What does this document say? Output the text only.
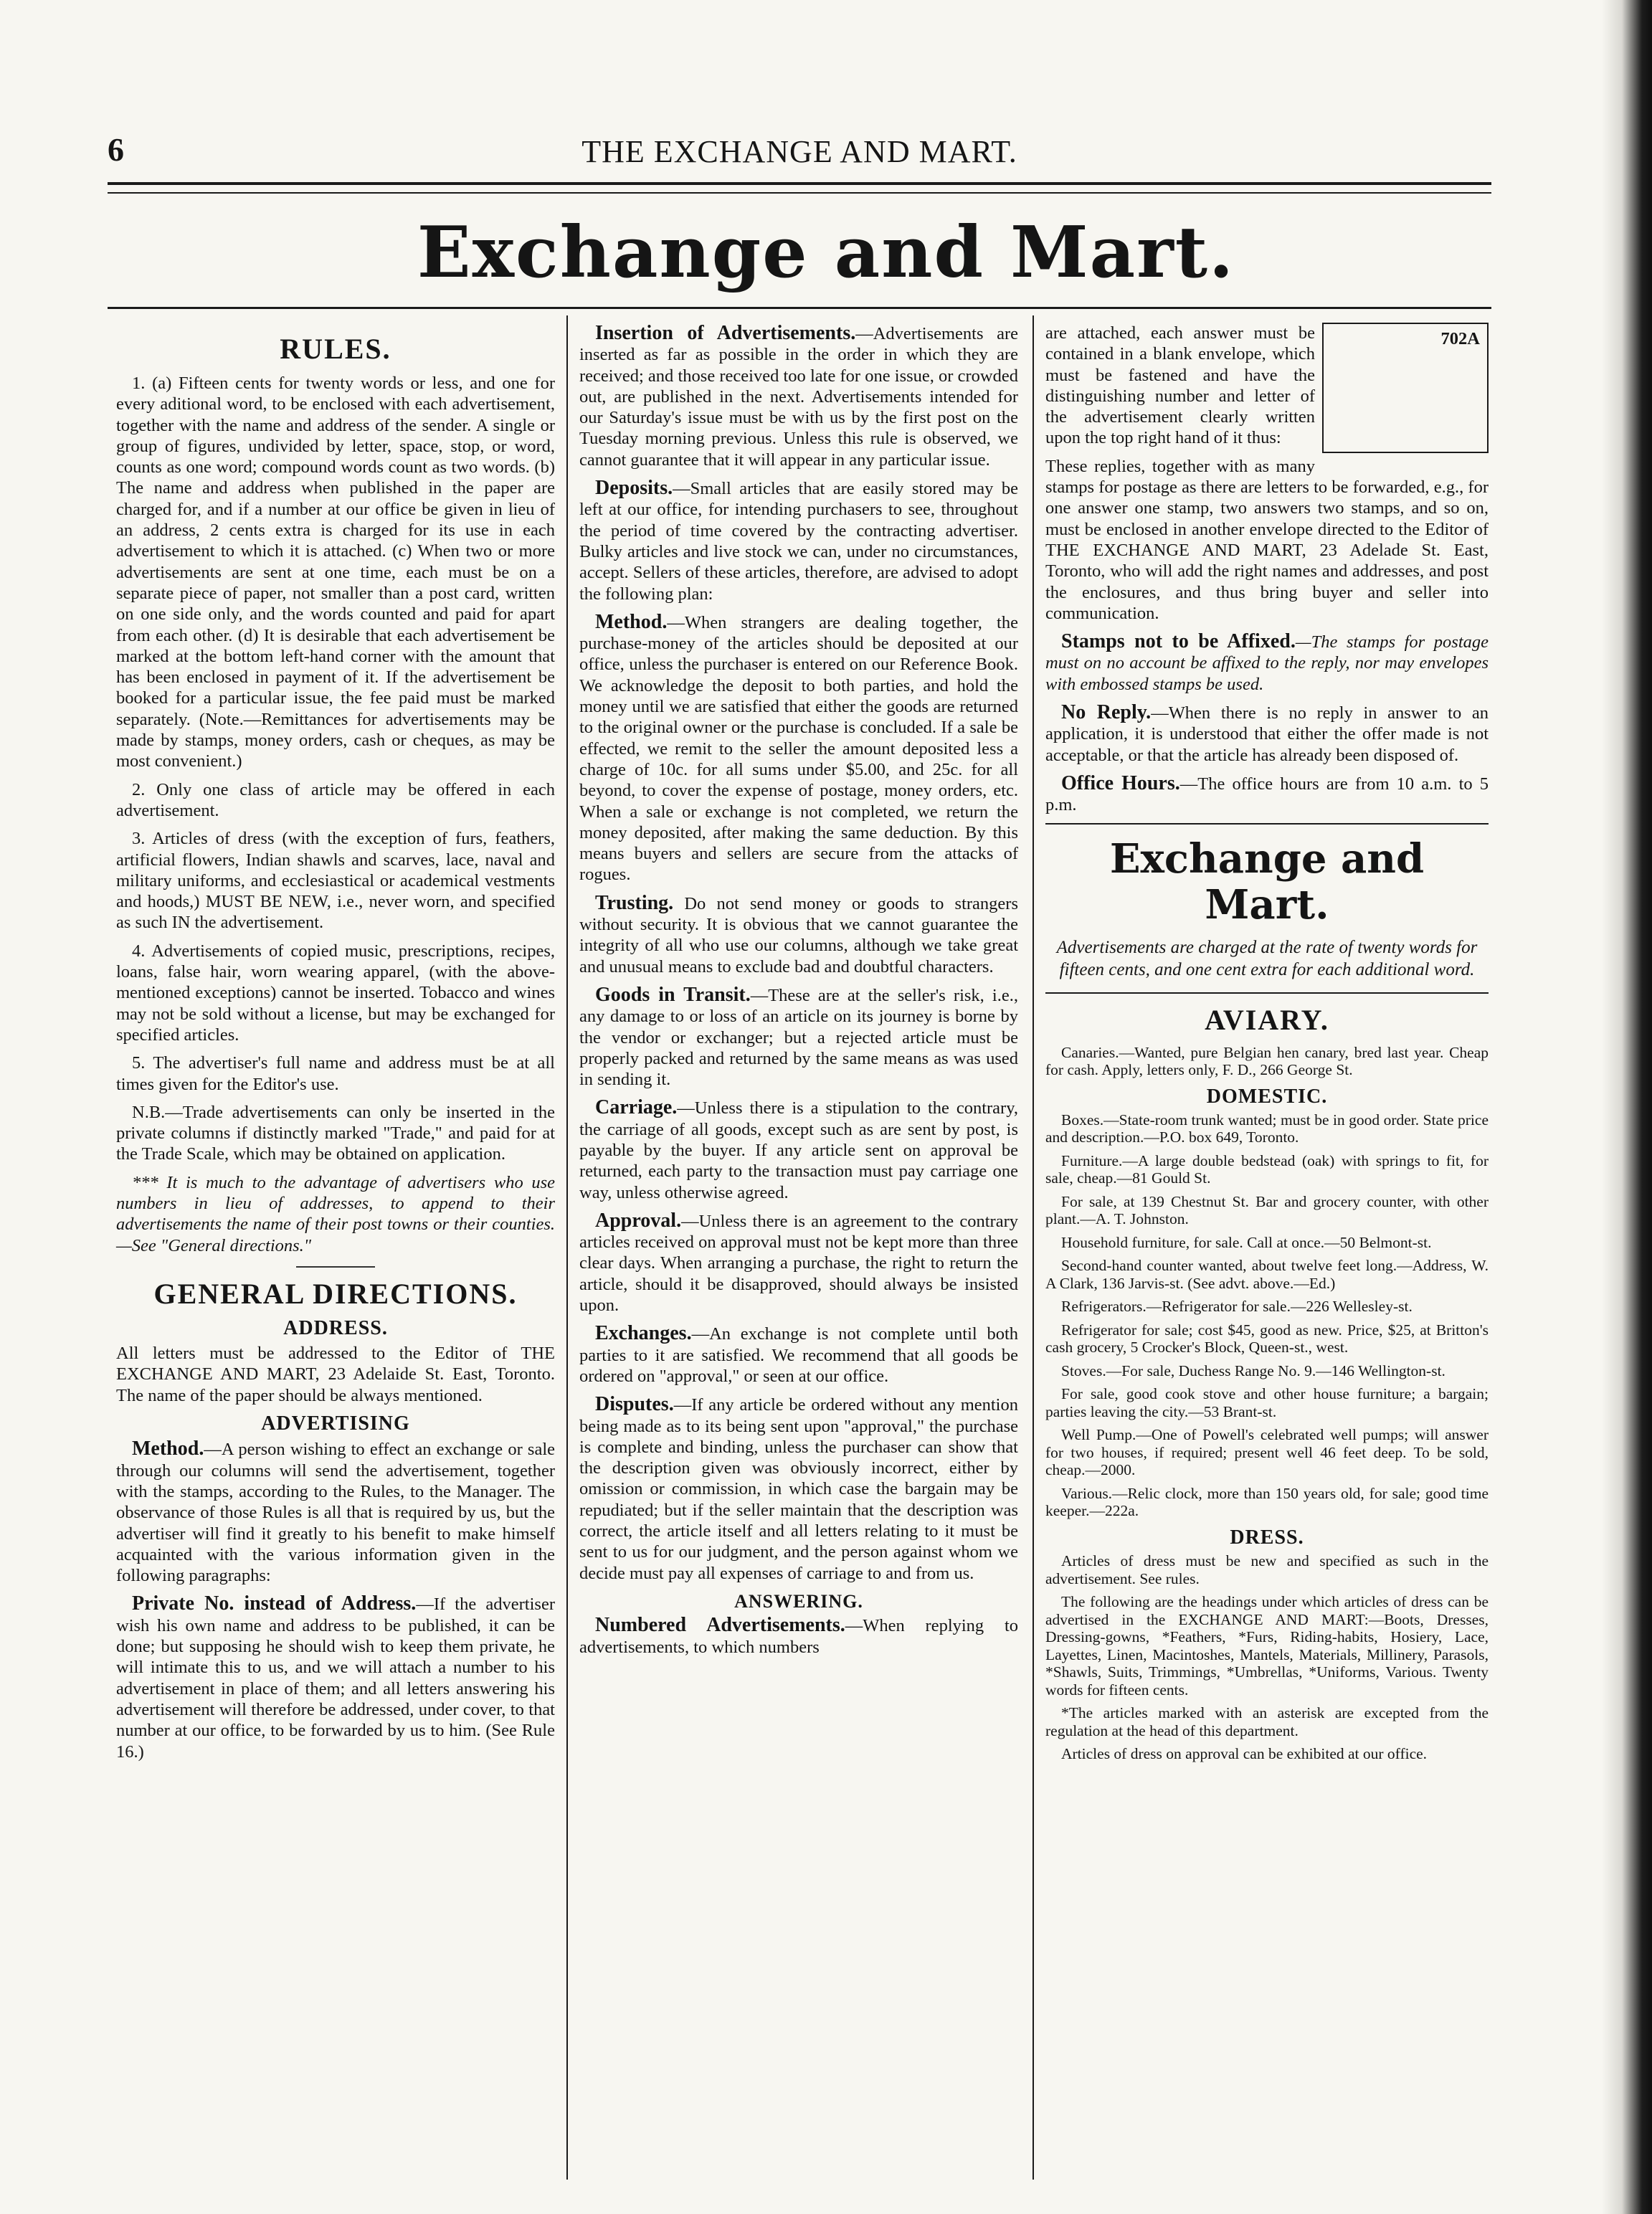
6	THE EXCHANGE AND MART.
Exchange and Mart.
RULES.

1. (a) Fifteen cents for twenty words or less, and one for every aditional word, to be enclosed with each advertisement, together with the name and address of the sender. A single or group of figures, undivided by letter, space, stop, or word, counts as one word; compound words count as two words. (b) The name and address when published in the paper are charged for, and if a number at our office be given in lieu of an address, 2 cents extra is charged for its use in each advertisement to which it is attached. (c) When two or more advertisements are sent at one time, each must be on a separate piece of paper, not smaller than a post card, written on one side only, and the words counted and paid for apart from each other. (d) It is desirable that each advertisement be marked at the bottom left-hand corner with the amount that has been enclosed in payment of it. If the advertisement be booked for a particular issue, the fee paid must be marked separately. (Note.—Remittances for advertisements may be made by stamps, money orders, cash or cheques, as may be most convenient.)

2. Only one class of article may be offered in each advertisement.

3. Articles of dress (with the exception of furs, feathers, artificial flowers, Indian shawls and scarves, lace, naval and military uniforms, and ecclesiastical or academical vestments and hoods,) MUST BE NEW, i.e., never worn, and specified as such IN the advertisement.

4. Advertisements of copied music, prescriptions, recipes, loans, false hair, worn wearing apparel, (with the above-mentioned exceptions) cannot be inserted. Tobacco and wines may not be sold without a license, but may be exchanged for specified articles.

5. The advertiser's full name and address must be at all times given for the Editor's use.

N.B.—Trade advertisements can only be inserted in the private columns if distinctly marked "Trade," and paid for at the Trade Scale, which may be obtained on application.

*** It is much to the advantage of advertisers who use numbers in lieu of addresses, to append to their advertisements the name of their post towns or their counties.—See "General directions."

GENERAL DIRECTIONS.
ADDRESS.

All letters must be addressed to the Editor of THE EXCHANGE AND MART, 23 Adelaide St. East, Toronto. The name of the paper should be always mentioned.

ADVERTISING

Method.—A person wishing to effect an exchange or sale through our columns will send the advertisement, together with the stamps, according to the Rules, to the Manager. The observance of those Rules is all that is required by us, but the advertiser will find it greatly to his benefit to make himself acquainted with the various information given in the following paragraphs:

Private No. instead of Address.—If the advertiser wish his own name and address to be published, it can be done; but supposing he should wish to keep them private, he will intimate this to us, and we will attach a number to his advertisement in place of them; and all letters answering his advertisement will therefore be addressed, under cover, to that number at our office, to be forwarded by us to him. (See Rule 16.)

Insertion of Advertisements.—Advertisements are inserted as far as possible in the order in which they are received; and those received too late for one issue, or crowded out, are published in the next. Advertisements intended for our Saturday's issue must be with us by the first post on the Tuesday morning previous. Unless this rule is observed, we cannot guarantee that it will appear in any particular issue.

Deposits.—Small articles that are easily stored may be left at our office, for intending purchasers to see, throughout the period of time covered by the contracting advertiser. Bulky articles and live stock we can, under no circumstances, accept. Sellers of these articles, therefore, are advised to adopt the following plan:

Method.—When strangers are dealing together, the purchase-money of the articles should be deposited at our office, unless the purchaser is entered on our Reference Book. We acknowledge the deposit to both parties, and hold the money until we are satisfied that either the goods are returned to the original owner or the purchase is concluded. If a sale be effected, we remit to the seller the amount deposited less a charge of 10c. for all sums under $5.00, and 25c. for all beyond, to cover the expense of postage, money orders, etc. When a sale or exchange is not completed, we return the money deposited, after making the same deduction. By this means buyers and sellers are secure from the attacks of rogues.

Trusting. Do not send money or goods to strangers without security. It is obvious that we cannot guarantee the integrity of all who use our columns, although we take great and unusual means to exclude bad and doubtful characters.

Goods in Transit.—These are at the seller's risk, i.e., any damage to or loss of an article on its journey is borne by the vendor or exchanger; but a rejected article must be properly packed and returned by the same means as was used in sending it.

Carriage.—Unless there is a stipulation to the contrary, the carriage of all goods, except such as are sent by post, is payable by the buyer. If any article sent on approval be returned, each party to the transaction must pay carriage one way, unless otherwise agreed.

Approval.—Unless there is an agreement to the contrary articles received on approval must not be kept more than three clear days. When arranging a purchase, the right to return the article, should it be disapproved, should always be insisted upon.

Exchanges.—An exchange is not complete until both parties to it are satisfied. We recommend that all goods be ordered on "approval," or seen at our office.

Disputes.—If any article be ordered without any mention being made as to its being sent upon "approval," the purchase is complete and binding, unless the purchaser can show that the description given was obviously incorrect, either by omission or commission, in which case the bargain may be repudiated; but if the seller maintain that the description was correct, the article itself and all letters relating to it must be sent to us for our judgment, and the person against whom we decide must pay all expenses of carriage to and from us.

ANSWERING.

Numbered Advertisements.—When replying to advertisements, to which numbers

702A
are attached, each answer must be contained in a blank envelope, which must be fastened and have the distinguishing number and letter of the advertisement clearly written upon the top right hand of it thus:

These replies, together with as many stamps for postage as there are letters to be forwarded, e.g., for one answer one stamp, two answers two stamps, and so on, must be enclosed in another envelope directed to the Editor of THE EXCHANGE AND MART, 23 Adelade St. East, Toronto, who will add the right names and addresses, and post the enclosures, and thus bring buyer and seller into communication.

Stamps not to be Affixed.—The stamps for postage must on no account be affixed to the reply, nor may envelopes with embossed stamps be used.

No Reply.—When there is no reply in answer to an application, it is understood that either the offer made is not acceptable, or that the article has already been disposed of.

Office Hours.—The office hours are from 10 a.m. to 5 p.m.

Exchange and Mart.
Advertisements are charged at the rate of twenty words for fifteen cents, and one cent extra for each additional word.
AVIARY.

Canaries.—Wanted, pure Belgian hen canary, bred last year. Cheap for cash. Apply, letters only, F. D., 266 George St.

DOMESTIC.

Boxes.—State-room trunk wanted; must be in good order. State price and description.—P.O. box 649, Toronto.

Furniture.—A large double bedstead (oak) with springs to fit, for sale, cheap.—81 Gould St.

For sale, at 139 Chestnut St. Bar and grocery counter, with other plant.—A. T. Johnston.

Household furniture, for sale. Call at once.—50 Belmont-st.

Second-hand counter wanted, about twelve feet long.—Address, W. A Clark, 136 Jarvis-st. (See advt. above.—Ed.)

Refrigerators.—Refrigerator for sale.—226 Wellesley-st.

Refrigerator for sale; cost $45, good as new. Price, $25, at Britton's cash grocery, 5 Crocker's Block, Queen-st., west.

Stoves.—For sale, Duchess Range No. 9.—146 Wellington-st.

For sale, good cook stove and other house furniture; a bargain; parties leaving the city.—53 Brant-st.

Well Pump.—One of Powell's celebrated well pumps; will answer for two houses, if required; present well 46 feet deep. To be sold, cheap.—2000.

Various.—Relic clock, more than 150 years old, for sale; good time keeper.—222a.

DRESS.

Articles of dress must be new and specified as such in the advertisement. See rules.

The following are the headings under which articles of dress can be advertised in the EXCHANGE AND MART:—Boots, Dresses, Dressing-gowns, *Feathers, *Furs, Riding-habits, Hosiery, Lace, Layettes, Linen, Macintoshes, Mantels, Materials, Millinery, Parasols, *Shawls, Suits, Trimmings, *Umbrellas, *Uniforms, Various. Twenty words for fifteen cents.

*The articles marked with an asterisk are excepted from the regulation at the head of this department.

Articles of dress on approval can be exhibited at our office.
